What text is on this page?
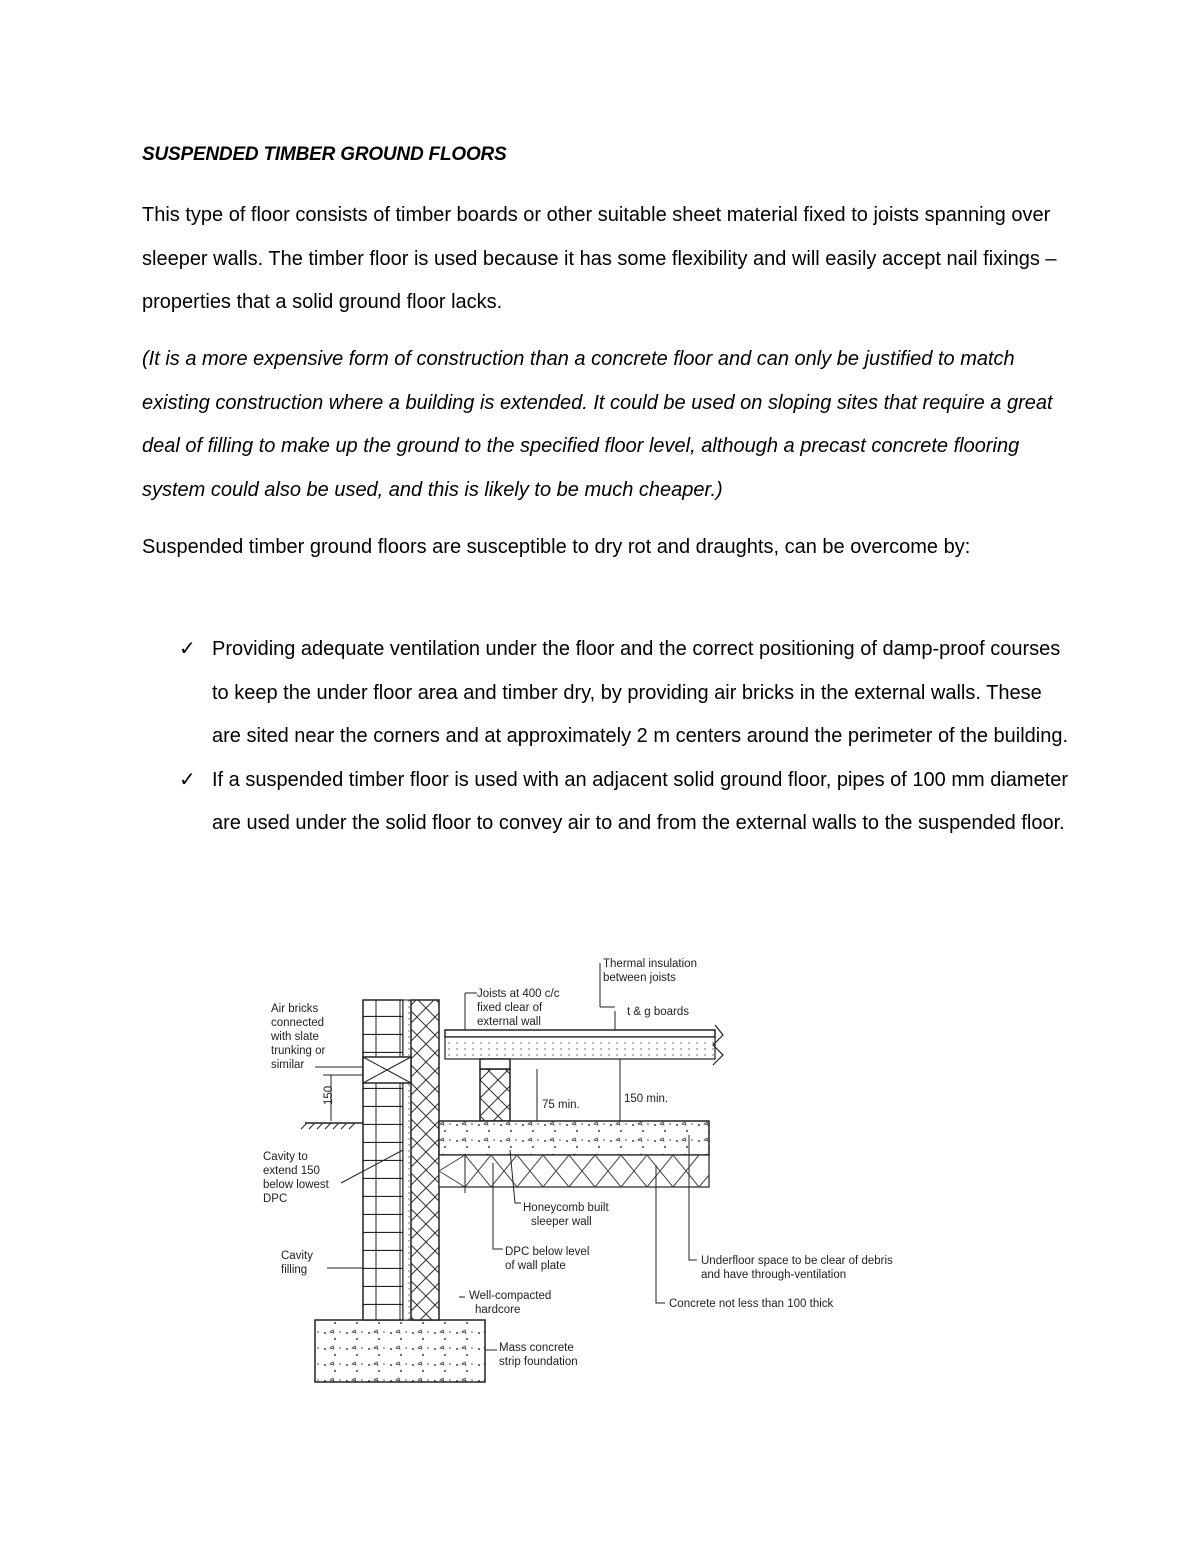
SUSPENDED TIMBER GROUND FLOORS

This type of floor consists of timber boards or other suitable sheet material fixed to joists spanning over sleeper walls. The timber floor is used because it has some flexibility and will easily accept nail fixings – properties that a solid ground floor lacks.

(It is a more expensive form of construction than a concrete floor and can only be justified to match existing construction where a building is extended. It could be used on sloping sites that require a great deal of filling to make up the ground to the specified floor level, although a precast concrete flooring system could also be used, and this is likely to be much cheaper.)

Suspended timber ground floors are susceptible to dry rot and draughts, can be overcome by:

✓ Providing adequate ventilation under the floor and the correct positioning of damp-proof courses to keep the under floor area and timber dry, by providing air bricks in the external walls. These are sited near the corners and at approximately 2 m centers around the perimeter of the building.
✓ If a suspended timber floor is used with an adjacent solid ground floor, pipes of 100 mm diameter are used under the solid floor to convey air to and from the external walls to the suspended floor.
Thermal insulation
between joists
Joists at 400 c/c
fixed clear of
external wall
t & g boards
Air bricks
connected
with slate
trunking or
similar
150	75 min.	150 min.
Cavity to
extend 150
below lowest
DPC
Honeycomb built
sleeper wall
Cavity
filling
DPC below level
of wall plate	Underfloor space to be clear of debris
and have through-ventilation
Well-compacted
hardcore	Concrete not less than 100 thick
Mass concrete
strip foundation
